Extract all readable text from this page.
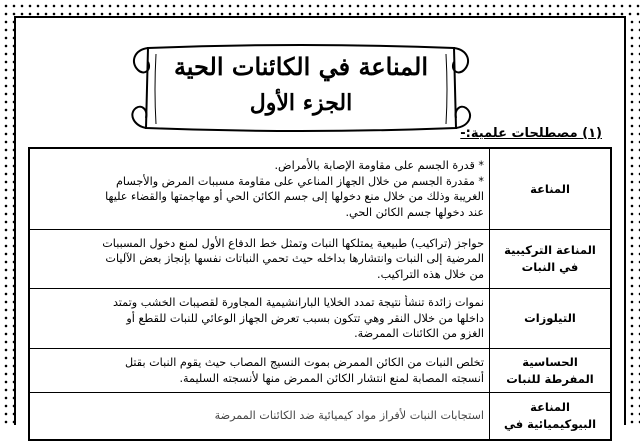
المناعة في الكائنات الحية
الجزء الأول
(١) مصطلحات علمية:-
المناعة	* قدرة الجسم على مقاومة الإصابة بالأمراض.
* مقدرة الجسم من خلال الجهاز المناعي على مقاومة مسببات المرض والأجسام
الغريبة وذلك من خلال منع دخولها إلى جسم الكائن الحي أو مهاجمتها والقضاء عليها
عند دخولها جسم الكائن الحي.

المناعة التركيبية
في النبات	حواجز (تراكيب) طبيعية يمتلكها النبات وتمثل خط الدفاع الأول لمنع دخول المسببات
المرضية إلى النبات وانتشارها بداخله حيث تحمي النباتات نفسها بإنجاز بعض الآليات
من خلال هذه التراكيب.

التيلوزات	نموات زائدة تنشأ نتيجة تمدد الخلايا البارانشيمية المجاورة لقصيبات الخشب وتمتد
داخلها من خلال النقر وهي تتكون بسبب تعرض الجهاز الوعائي للنبات للقطع أو
الغزو من الكائنات الممرضة.

الحساسية
المفرطة للنبات	تخلص النبات من الكائن الممرض بموت النسيج المصاب حيث يقوم النبات بقتل
أنسجته المصابة لمنع انتشار الكائن الممرض منها لأنسجته السليمة.

المناعة
البيوكيميائية في	استجابات النبات لأفراز مواد كيميائية ضد الكائنات الممرضة
